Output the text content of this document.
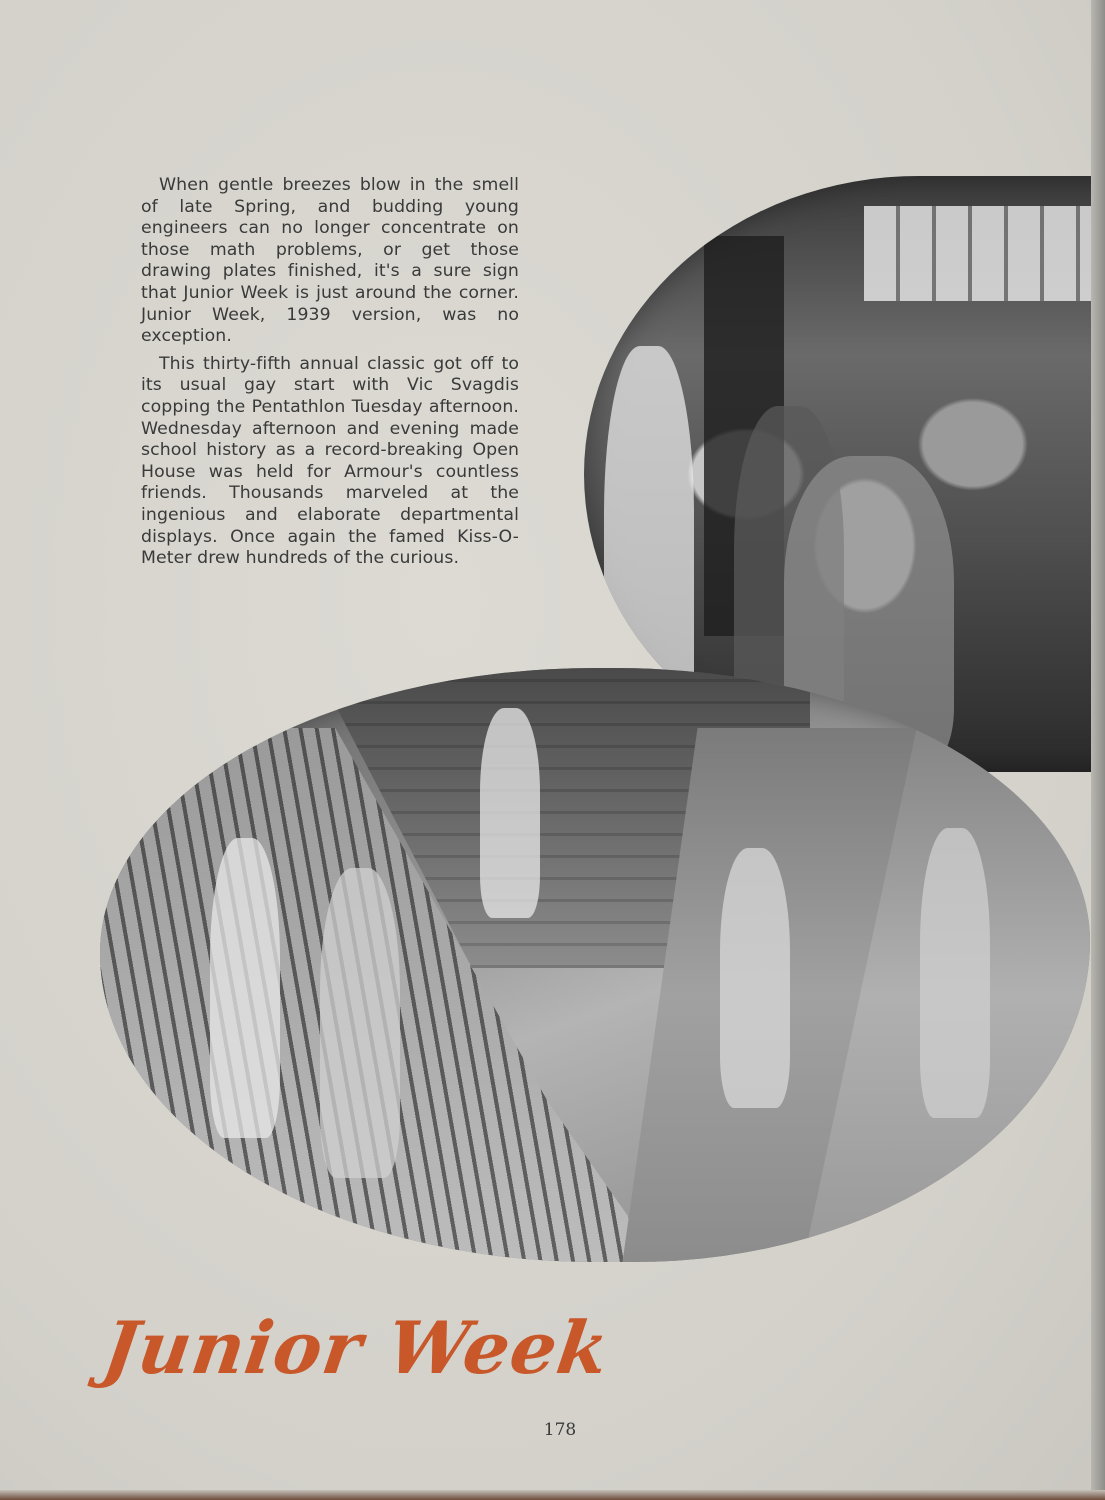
When gentle breezes blow in the smell of late Spring, and budding young engineers can no longer concentrate on those math problems, or get those drawing plates finished, it's a sure sign that Junior Week is just around the corner. Junior Week, 1939 version, was no exception.

This thirty-fifth annual classic got off to its usual gay start with Vic Svagdis copping the Pentathlon Tuesday afternoon. Wednesday afternoon and evening made school history as a record-breaking Open House was held for Armour's countless friends. Thousands marveled at the ingenious and elaborate departmental displays. Once again the famed Kiss-O-Meter drew hundreds of the curious.

Junior Week
178
